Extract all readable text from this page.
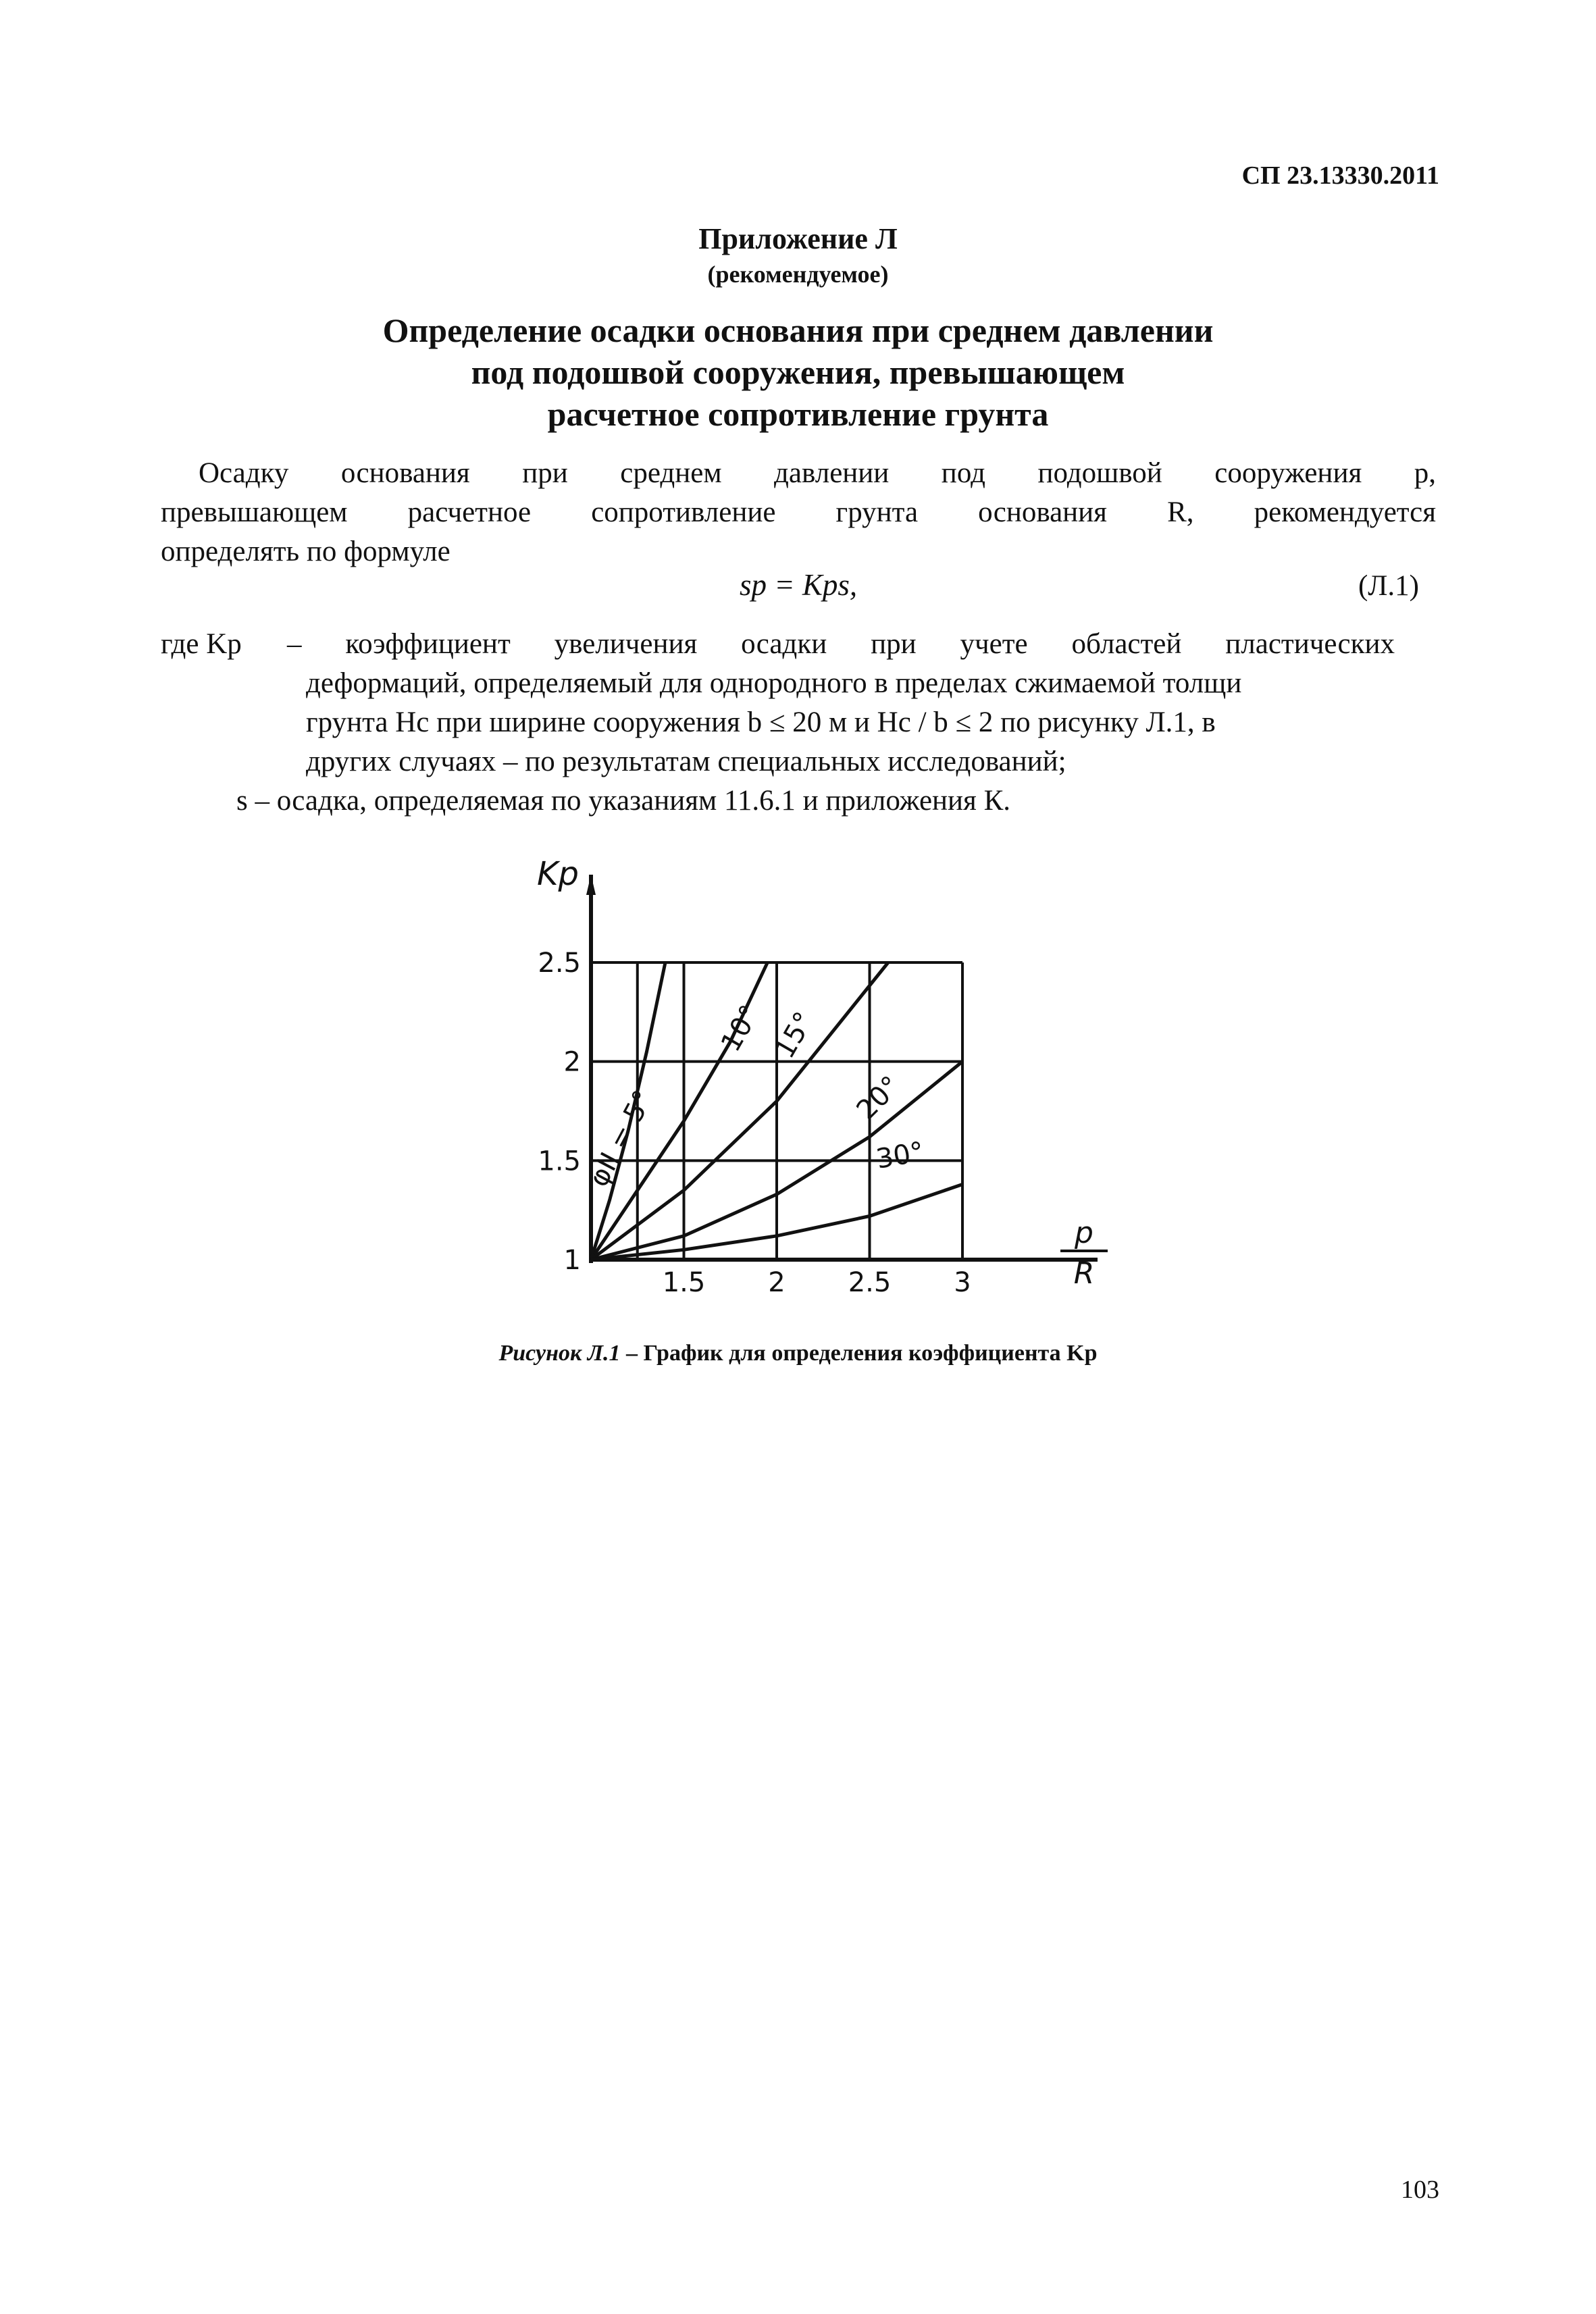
СП 23.13330.2011
Приложение Л
(рекомендуемое)
Определение осадки основания при среднем давлении
под подошвой сооружения, превышающем
расчетное сопротивление грунта
Осадку основания при среднем давлении под подошвой сооружения p,
превышающем расчетное сопротивление грунта основания R, рекомендуется
определять по формуле
sp = Kps,	(Л.1)
где Kp – коэффициент увеличения осадки при учете областей пластических
деформаций, определяемый для однородного в пределах сжимаемой толщи
грунта Hc при ширине сооружения b ≤ 20 м и Hc / b ≤ 2 по рисунку Л.1, в
других случаях – по результатам специальных исследований;
s – осадка, определяемая по указаниям 11.6.1 и приложения К.
φII = 5°
10° 15°
20°
30°
1.5 2 2.5 3
1
1.5
2
2.5
Kp
p
R
Рисунок Л.1 – График для определения коэффициента Kp
103
